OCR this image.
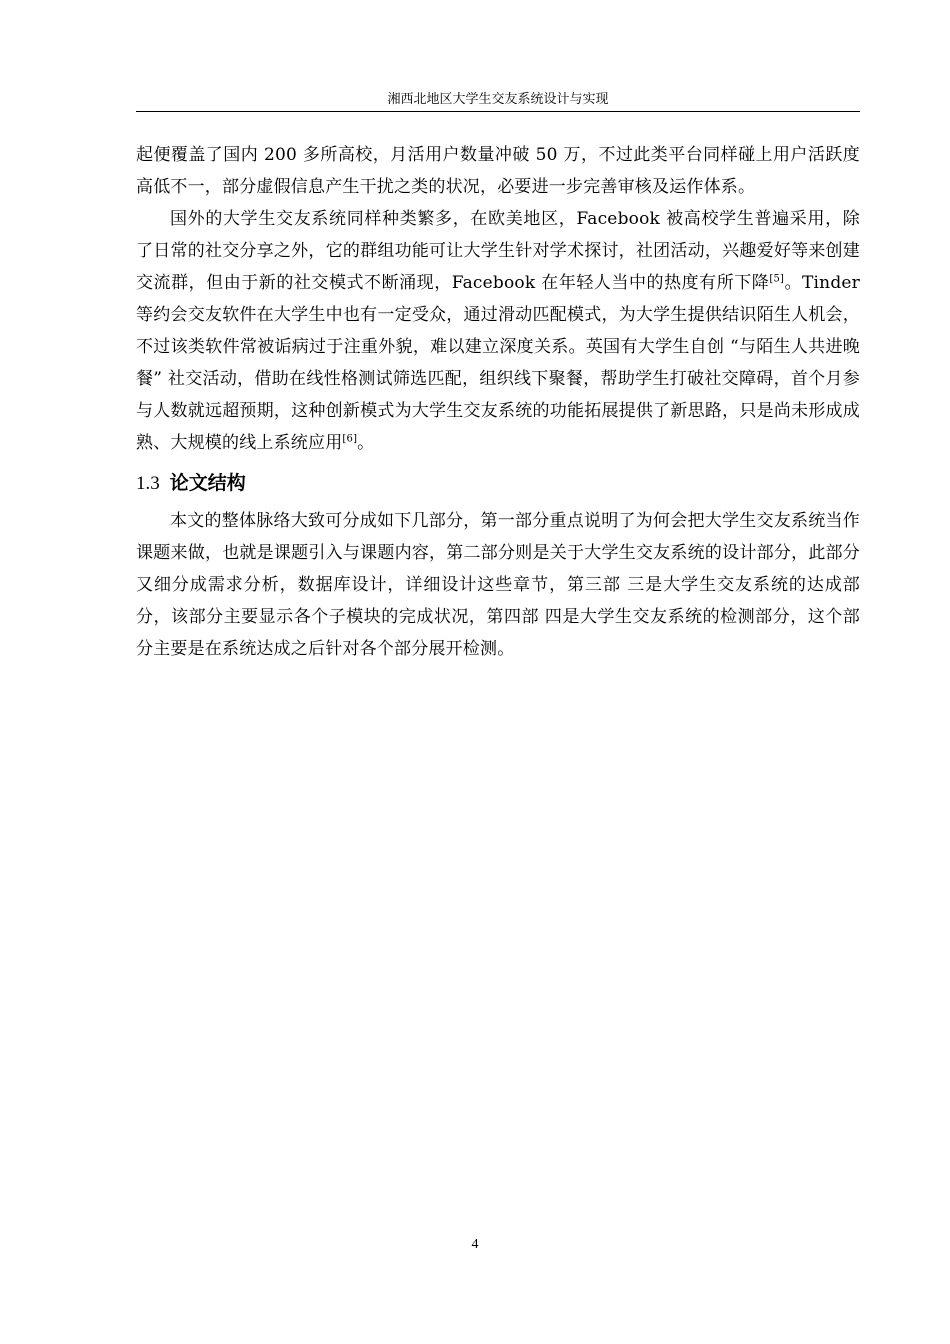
湘西北地区大学生交友系统设计与实现

起便覆盖了国内 200 多所高校，月活用户数量冲破 50 万，不过此类平台同样碰上用户活跃度高低不一，部分虚假信息产生干扰之类的状况，必要进一步完善审核及运作体系。

国外的大学生交友系统同样种类繁多，在欧美地区，Facebook 被高校学生普遍采用，除了日常的社交分享之外，它的群组功能可让大学生针对学术探讨，社团活动，兴趣爱好等来创建交流群，但由于新的社交模式不断涌现，Facebook 在年轻人当中的热度有所下降[5]。Tinder 等约会交友软件在大学生中也有一定受众，通过滑动匹配模式，为大学生提供结识陌生人机会，不过该类软件常被诟病过于注重外貌，难以建立深度关系。英国有大学生自创 “与陌生人共进晚餐” 社交活动，借助在线性格测试筛选匹配，组织线下聚餐，帮助学生打破社交障碍，首个月参与人数就远超预期，这种创新模式为大学生交友系统的功能拓展提供了新思路，只是尚未形成成熟、大规模的线上系统应用[6]。

1.3 论文结构

本文的整体脉络大致可分成如下几部分，第一部分重点说明了为何会把大学生交友系统当作课题来做，也就是课题引入与课题内容，第二部分则是关于大学生交友系统的设计部分，此部分又细分成需求分析，数据库设计，详细设计这些章节，第三部 三是大学生交友系统的达成部分，该部分主要显示各个子模块的完成状况，第四部 四是大学生交友系统的检测部分，这个部分主要是在系统达成之后针对各个部分展开检测。

4
